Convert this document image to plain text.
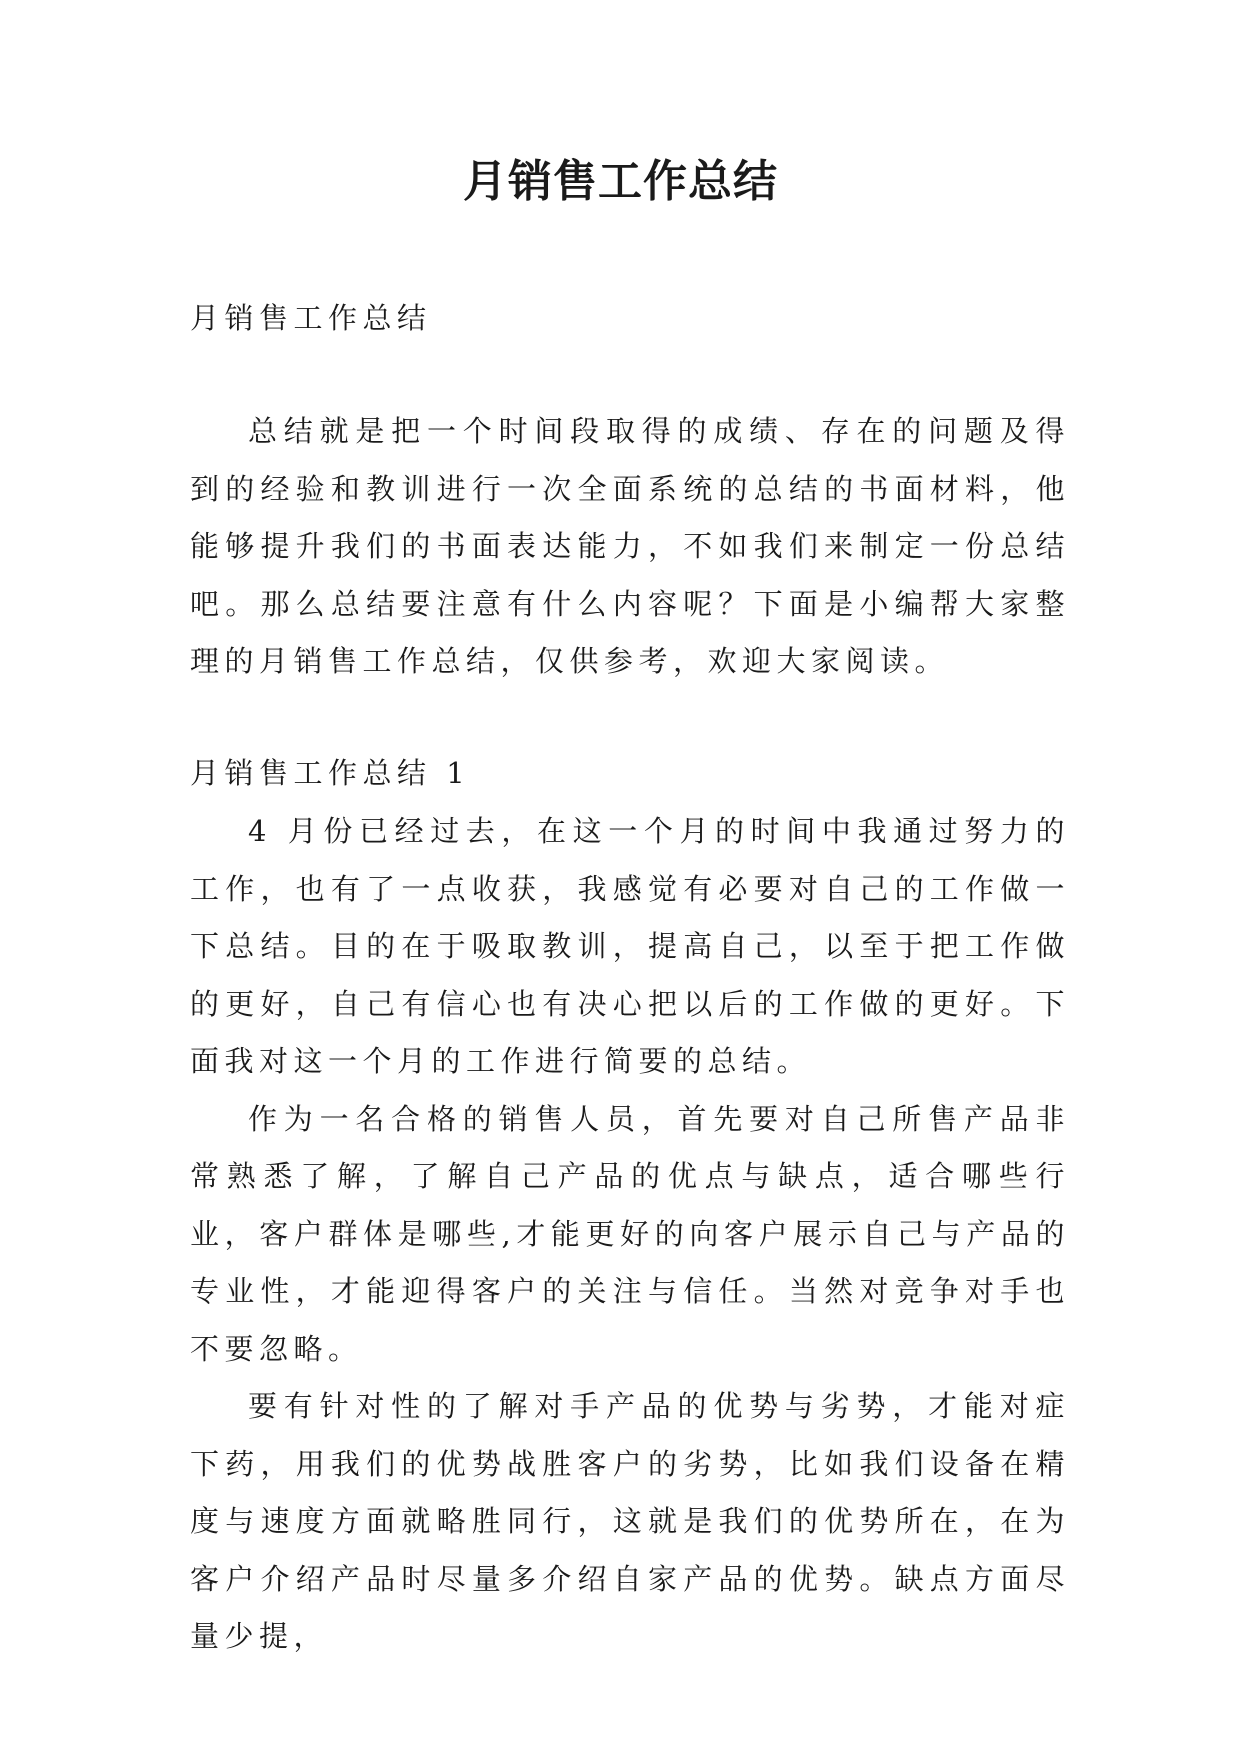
月销售工作总结
月销售工作总结

总结就是把一个时间段取得的成绩、存在的问题及得到的经验和教训进行一次全面系统的总结的书面材料，他能够提升我们的书面表达能力，不如我们来制定一份总结吧。那么总结要注意有什么内容呢？下面是小编帮大家整理的月销售工作总结，仅供参考，欢迎大家阅读。

月销售工作总结 1

4 月份已经过去，在这一个月的时间中我通过努力的工作，也有了一点收获，我感觉有必要对自己的工作做一下总结。目的在于吸取教训，提高自己，以至于把工作做的更好，自己有信心也有决心把以后的工作做的更好。下面我对这一个月的工作进行简要的总结。

作为一名合格的销售人员，首先要对自己所售产品非常熟悉了解，了解自己产品的优点与缺点，适合哪些行业，客户群体是哪些,才能更好的向客户展示自己与产品的专业性，才能迎得客户的关注与信任。当然对竞争对手也不要忽略。

要有针对性的了解对手产品的优势与劣势，才能对症下药，用我们的优势战胜客户的劣势，比如我们设备在精度与速度方面就略胜同行，这就是我们的优势所在，在为客户介绍产品时尽量多介绍自家产品的优势。缺点方面尽量少提，
